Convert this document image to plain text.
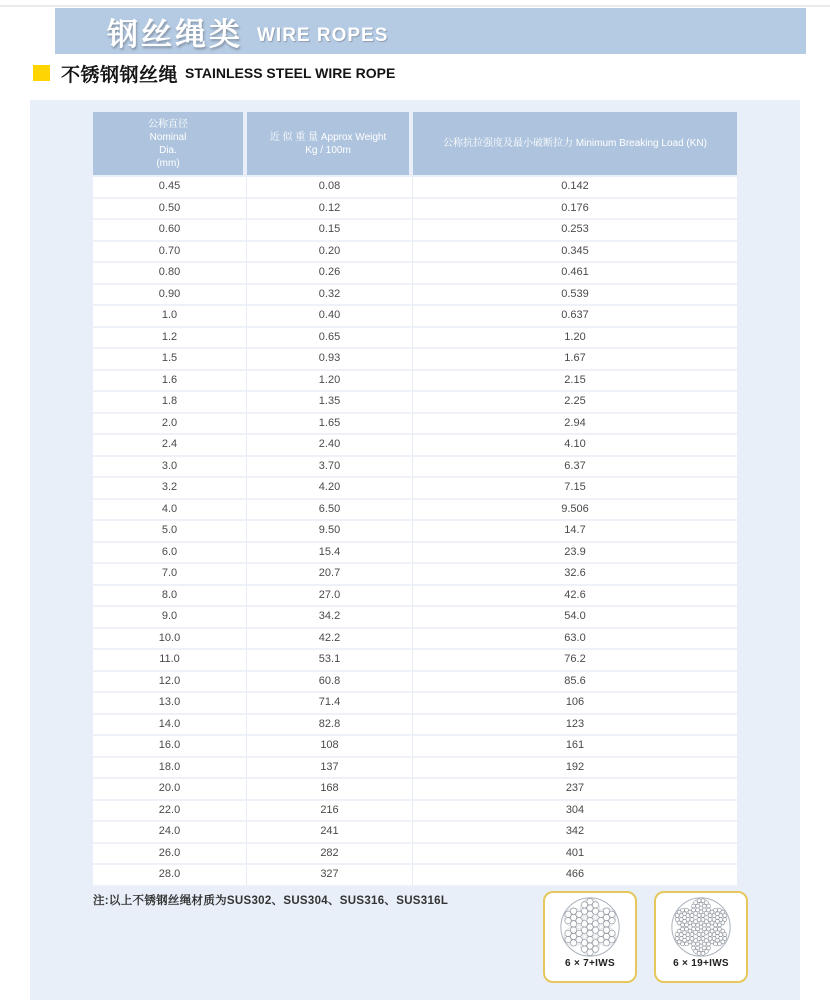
钢丝绳类 WIRE ROPES
不锈钢钢丝绳 STAINLESS STEEL WIRE ROPE
公称直径
Nominal
Dia.
(mm)

近 似 重 量 Approx Weight
Kg / 100m

公称抗拉强度及最小破断拉力 Minimum Breaking Load (KN)

0.45	0.08	0.142
0.50	0.12	0.176
0.60	0.15	0.253
0.70	0.20	0.345
0.80	0.26	0.461
0.90	0.32	0.539
1.0	0.40	0.637
1.2	0.65	1.20
1.5	0.93	1.67
1.6	1.20	2.15
1.8	1.35	2.25
2.0	1.65	2.94
2.4	2.40	4.10
3.0	3.70	6.37
3.2	4.20	7.15
4.0	6.50	9.506
5.0	9.50	14.7
6.0	15.4	23.9
7.0	20.7	32.6
8.0	27.0	42.6
9.0	34.2	54.0
10.0	42.2	63.0
11.0	53.1	76.2
12.0	60.8	85.6
13.0	71.4	106
14.0	82.8	123
16.0	108	161
18.0	137	192
20.0	168	237
22.0	216	304
24.0	241	342
26.0	282	401
28.0	327	466
注:以上不锈钢丝绳材质为SUS302、SUS304、SUS316、SUS316L
6 × 7+IWS	6 × 19+IWS
